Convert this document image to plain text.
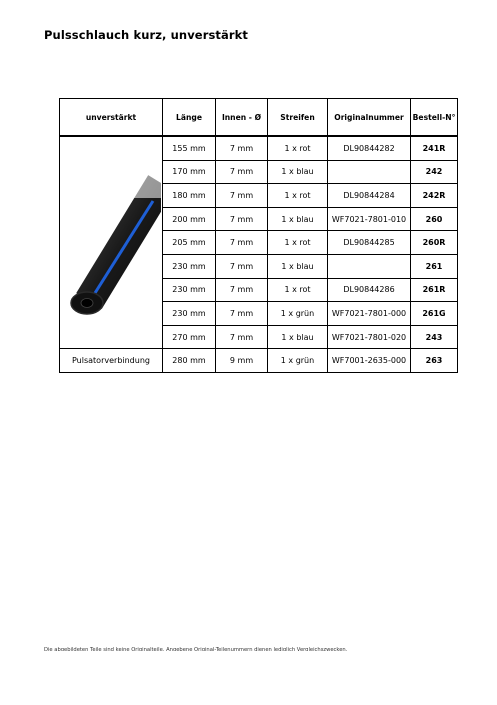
Pulsschlauch kurz, unverstärkt
unverstärkt	Länge	Innen - Ø	Streifen	Originalnummer	Bestell-N°

	155 mm	7 mm	1 x rot	DL90844282	241R
	170 mm	7 mm	1 x blau		242
	180 mm	7 mm	1 x rot	DL90844284	242R
	200 mm	7 mm	1 x blau	WF7021-7801-010	260
	205 mm	7 mm	1 x rot	DL90844285	260R
	230 mm	7 mm	1 x blau		261
	230 mm	7 mm	1 x rot	DL90844286	261R
	230 mm	7 mm	1 x grün	WF7021-7801-000	261G
	270 mm	7 mm	1 x blau	WF7021-7801-020	243
Pulsatorverbindung	280 mm	9 mm	1 x grün	WF7001-2635-000	263
Die abgebildeten Teile sind keine Originalteile. Angebene Original-Teilenummern dienen lediglich Vergleichszwecken.
